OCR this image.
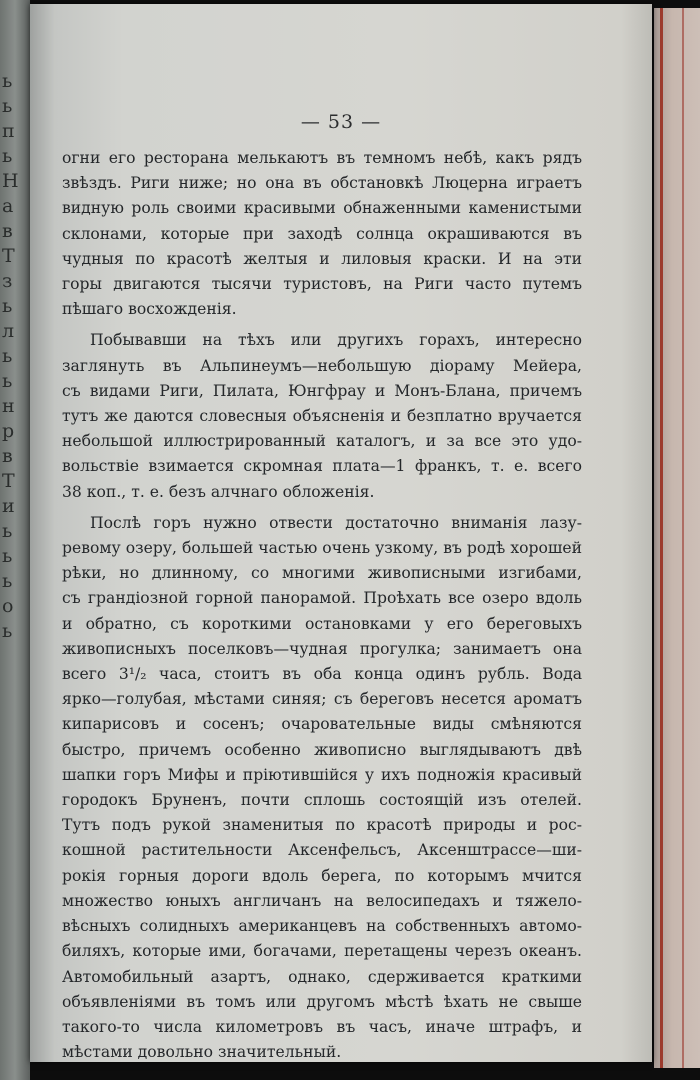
ь
ь
п
ь
Н
а
в
Т
з
ь
л
ь
ь
н
р
в
Т
и
ь
ь
ь
о
ь
— 53 —
огни его ресторана мелькаютъ въ темномъ небѣ, какъ рядъ
звѣздъ. Риги ниже; но она въ обстановкѣ Люцерна играетъ
видную роль своими красивыми обнаженными каменистыми
склонами, которые при заходѣ солнца окрашиваются въ
чудныя по красотѣ желтыя и лиловыя краски. И на эти
горы двигаются тысячи туристовъ, на Риги часто путемъ
пѣшаго восхожденія.
Побывавши на тѣхъ или другихъ горахъ, интересно
заглянуть въ Альпинеумъ—небольшую діораму Мейера,
съ видами Риги, Пилата, Юнгфрау и Монъ-Блана, причемъ
тутъ же даются словесныя объясненія и безплатно вручается
небольшой иллюстрированный каталогъ, и за все это удо-
вольствіе взимается скромная плата—1 франкъ, т. е. всего
38 коп., т. е. безъ алчнаго обложенія.
Послѣ горъ нужно отвести достаточно вниманія лазу-
ревому озеру, большей частью очень узкому, въ родѣ хорошей
рѣки, но длинному, со многими живописными изгибами,
съ грандіозной горной панорамой. Проѣхать все озеро вдоль
и обратно, съ короткими остановками у его береговыхъ
живописныхъ поселковъ—чудная прогулка; занимаетъ она
всего 3¹/₂ часа, стоитъ въ оба конца одинъ рубль. Вода
ярко—голубая, мѣстами синяя; съ береговъ несется ароматъ
кипарисовъ и сосенъ; очаровательные виды смѣняются
быстро, причемъ особенно живописно выглядываютъ двѣ
шапки горъ Мифы и пріютившійся у ихъ подножія красивый
городокъ Бруненъ, почти сплошь состоящій изъ отелей.
Тутъ подъ рукой знаменитыя по красотѣ природы и рос-
кошной растительности Аксенфельсъ, Аксенштрассе—ши-
рокія горныя дороги вдоль берега, по которымъ мчится
множество юныхъ англичанъ на велосипедахъ и тяжело-
вѣсныхъ солидныхъ американцевъ на собственныхъ автомо-
биляхъ, которые ими, богачами, перетащены черезъ океанъ.
Автомобильный азартъ, однако, сдерживается краткими
объявленіями въ томъ или другомъ мѣстѣ ѣхать не свыше
такого-то числа километровъ въ часъ, иначе штрафъ, и
мѣстами довольно значительный.
